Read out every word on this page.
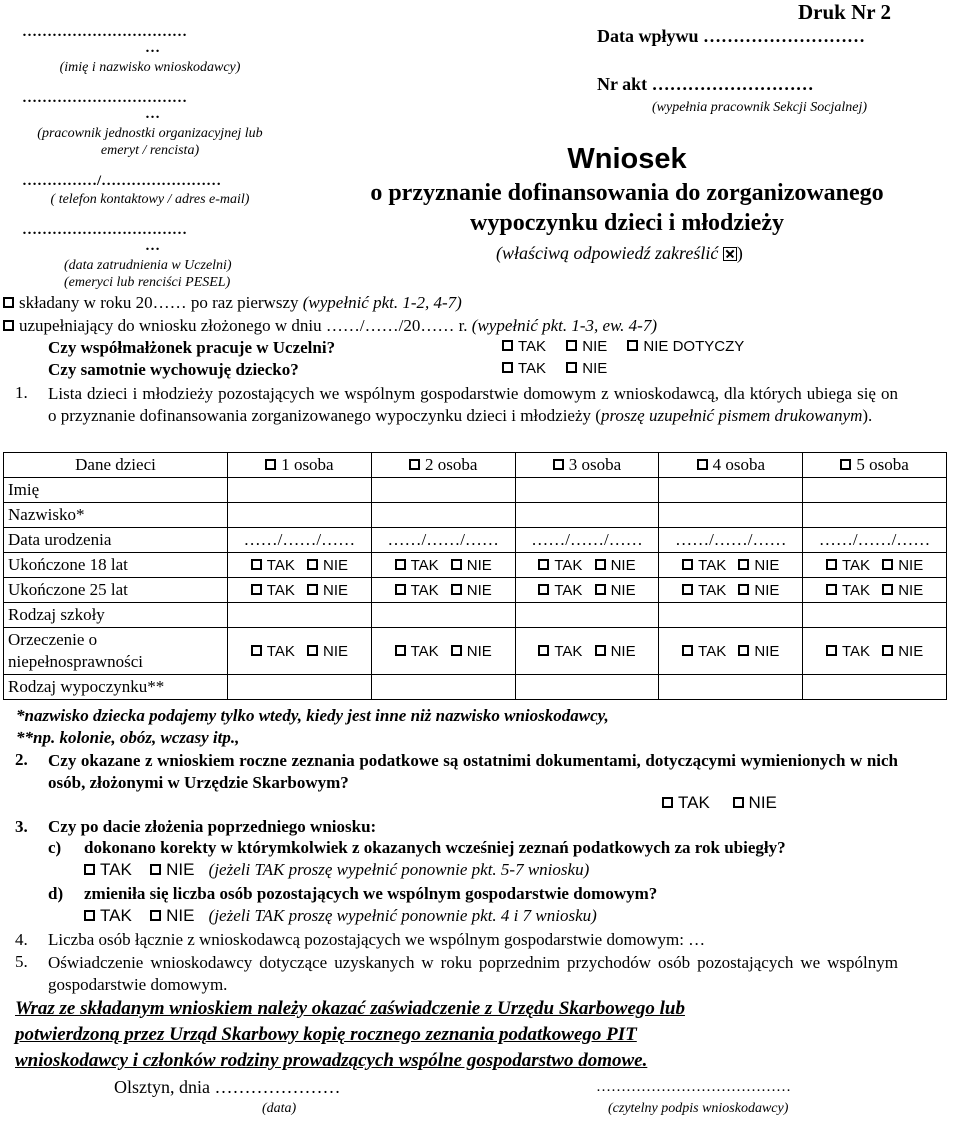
……………………………
…
(imię i nazwisko wnioskodawcy)
……………………………
…
(pracownik jednostki organizacyjnej lub
emeryt / rencista)
……………/……………………
( telefon kontaktowy / adres e-mail)
……………………………
…
(data zatrudnienia w Uczelni)
(emeryci lub renciści PESEL)
Druk Nr 2
Data wpływu ………………………
Nr akt ………………………
(wypełnia pracownik Sekcji Socjalnej)
Wniosek
o przyznanie dofinansowania do zorganizowanego
wypoczynku dzieci i młodzieży
(właściwą odpowiedź zakreślić )
składany w roku 20…… po raz pierwszy (wypełnić pkt. 1-2, 4-7)
uzupełniający do wniosku złożonego w dniu ……/……/20…… r. (wypełnić pkt. 1-3, ew. 4-7)
Czy współmałżonek pracuje w Uczelni?	TAK NIE NIE DOTYCZY
Czy samotnie wychowuję dziecko?	TAK NIE
1. Lista dzieci i młodzieży pozostających we wspólnym gospodarstwie domowym z wnioskodawcą, dla których ubiega się on o przyznanie dofinansowania zorganizowanego wypoczynku dzieci i młodzieży (proszę uzupełnić pismem drukowanym).
Dane dzieci	1 osoba	2 osoba	3 osoba	4 osoba	5 osoba
Imię					
Nazwisko*					
Data urodzenia	……/……/……	……/……/……	……/……/……	……/……/……	……/……/……
Ukończone 18 lat	TAK NIE	TAK NIE	TAK NIE	TAK NIE	TAK NIE
Ukończone 25 lat	TAK NIE	TAK NIE	TAK NIE	TAK NIE	TAK NIE
Rodzaj szkoły					
Orzeczenie o
niepełnosprawności	TAK NIE	TAK NIE	TAK NIE	TAK NIE	TAK NIE
Rodzaj wypoczynku**					
*nazwisko dziecka podajemy tylko wtedy, kiedy jest inne niż nazwisko wnioskodawcy,
**np. kolonie, obóz, wczasy itp.,
2. Czy okazane z wnioskiem roczne zeznania podatkowe są ostatnimi dokumentami, dotyczącymi wymienionych w nich osób, złożonymi w Urzędzie Skarbowym?
TAK NIE
3. Czy po dacie złożenia poprzedniego wniosku:
c) dokonano korekty w którymkolwiek z okazanych wcześniej zeznań podatkowych za rok ubiegły?
TAK NIE (jeżeli TAK proszę wypełnić ponownie pkt. 5-7 wniosku)
d) zmieniła się liczba osób pozostających we wspólnym gospodarstwie domowym?
TAK NIE (jeżeli TAK proszę wypełnić ponownie pkt. 4 i 7 wniosku)
4. Liczba osób łącznie z wnioskodawcą pozostających we wspólnym gospodarstwie domowym: …
5. Oświadczenie wnioskodawcy dotyczące uzyskanych w roku poprzednim przychodów osób pozostających we wspólnym gospodarstwie domowym.
Wraz ze składanym wnioskiem należy okazać zaświadczenie z Urzędu Skarbowego lub
potwierdzoną przez Urząd Skarbowy kopię rocznego zeznania podatkowego PIT
wnioskodawcy i członków rodziny prowadzących wspólne gospodarstwo domowe.
Olsztyn, dnia …………………
(data)
…………………………………
(czytelny podpis wnioskodawcy)
